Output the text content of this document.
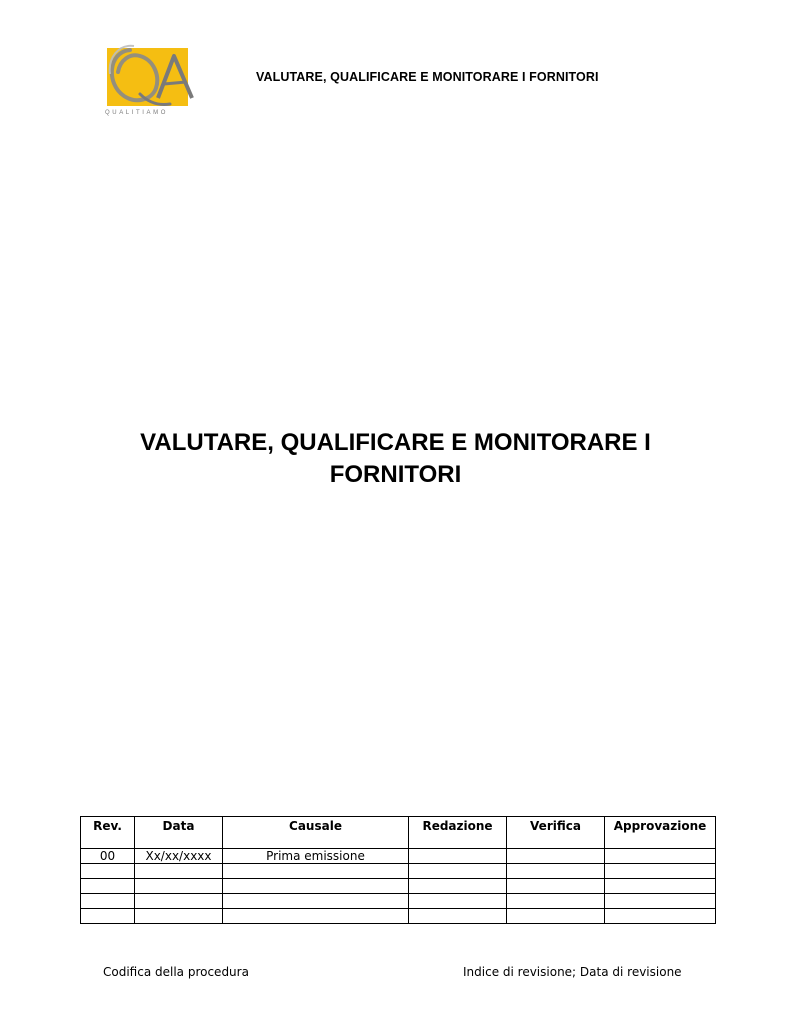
QUALITIAMO
VALUTARE, QUALIFICARE E MONITORARE I FORNITORI
VALUTARE, QUALIFICARE E MONITORARE I
FORNITORI
Rev.	Data	Causale	Redazione	Verifica	Approvazione
00	Xx/xx/xxxx	Prima emissione			

Codifica della procedura	Indice di revisione; Data di revisione
